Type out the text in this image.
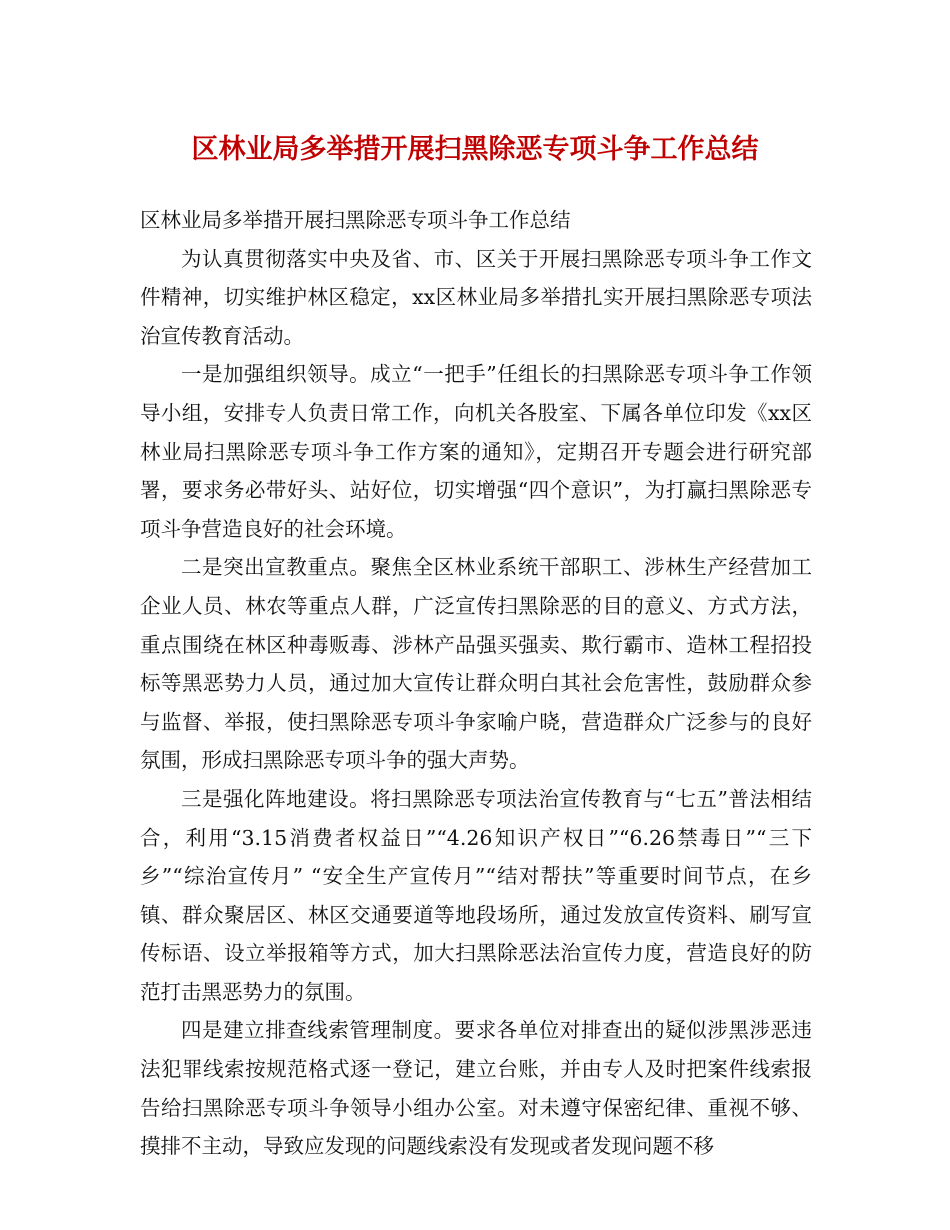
区林业局多举措开展扫黑除恶专项斗争工作总结

区林业局多举措开展扫黑除恶专项斗争工作总结

为认真贯彻落实中央及省、市、区关于开展扫黑除恶专项斗争工作文件精神，切实维护林区稳定，xx区林业局多举措扎实开展扫黑除恶专项法治宣传教育活动。

一是加强组织领导。成立“一把手”任组长的扫黑除恶专项斗争工作领导小组，安排专人负责日常工作，向机关各股室、下属各单位印发《xx区林业局扫黑除恶专项斗争工作方案的通知》，定期召开专题会进行研究部署，要求务必带好头、站好位，切实增强“四个意识”，为打赢扫黑除恶专项斗争营造良好的社会环境。

二是突出宣教重点。聚焦全区林业系统干部职工、涉林生产经营加工企业人员、林农等重点人群，广泛宣传扫黑除恶的目的意义、方式方法，重点围绕在林区种毒贩毒、涉林产品强买强卖、欺行霸市、造林工程招投标等黑恶势力人员，通过加大宣传让群众明白其社会危害性，鼓励群众参与监督、举报，使扫黑除恶专项斗争家喻户晓，营造群众广泛参与的良好氛围，形成扫黑除恶专项斗争的强大声势。

三是强化阵地建设。将扫黑除恶专项法治宣传教育与“七五”普法相结合，利用“3.15消费者权益日”“4.26知识产权日”“6.26禁毒日”“三下乡”“综治宣传月” “安全生产宣传月”“结对帮扶”等重要时间节点，在乡镇、群众聚居区、林区交通要道等地段场所，通过发放宣传资料、刷写宣传标语、设立举报箱等方式，加大扫黑除恶法治宣传力度，营造良好的防范打击黑恶势力的氛围。

四是建立排查线索管理制度。要求各单位对排查出的疑似涉黑涉恶违法犯罪线索按规范格式逐一登记，建立台账，并由专人及时把案件线索报告给扫黑除恶专项斗争领导小组办公室。对未遵守保密纪律、重视不够、摸排不主动，导致应发现的问题线索没有发现或者发现问题不移
